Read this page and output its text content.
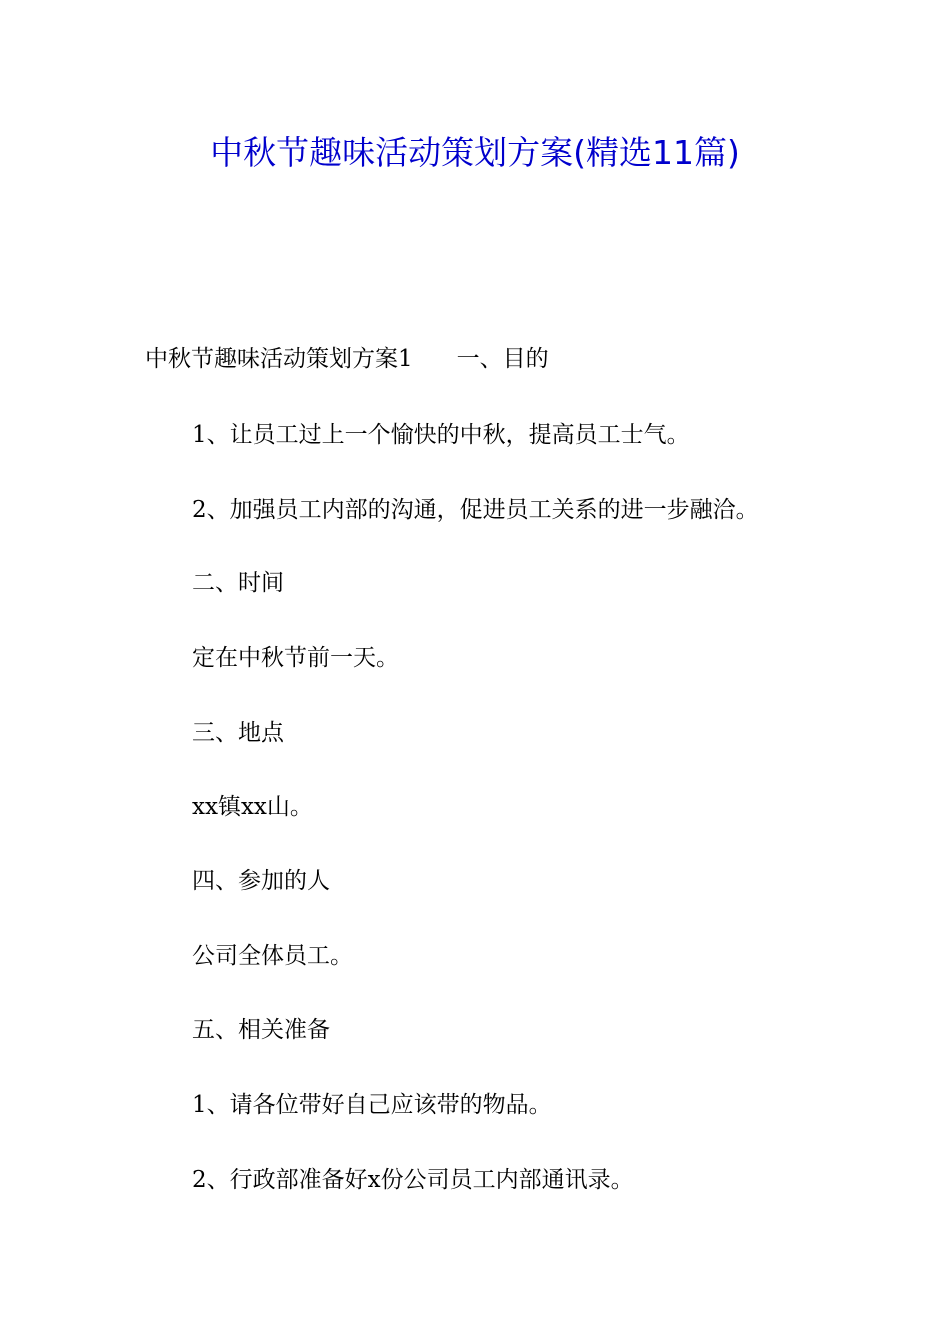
中秋节趣味活动策划方案(精选11篇)

中秋节趣味活动策划方案1 一、目的

1、让员工过上一个愉快的中秋，提高员工士气。

2、加强员工内部的沟通，促进员工关系的进一步融洽。

二、时间

定在中秋节前一天。

三、地点

xx镇xx山。

四、参加的人

公司全体员工。

五、相关准备

1、请各位带好自己应该带的物品。

2、行政部准备好x份公司员工内部通讯录。
